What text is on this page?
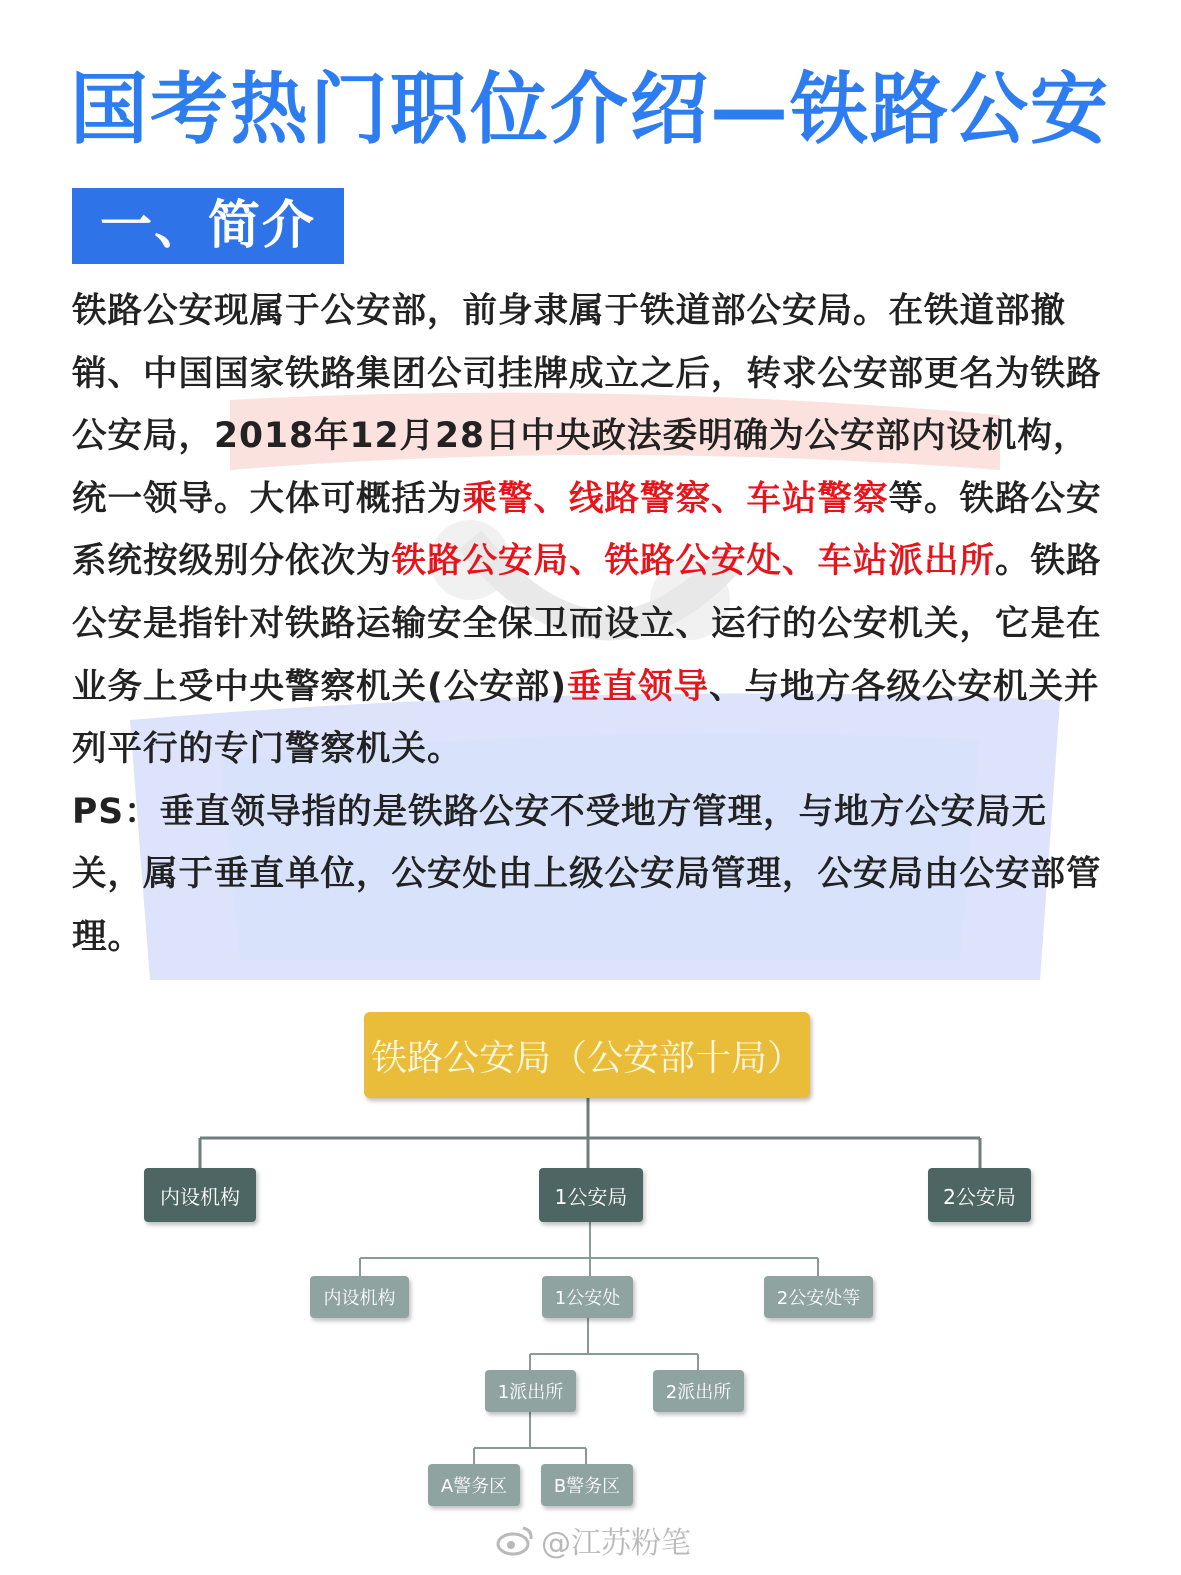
国考热门职位介绍—铁路公安
一、简介

铁路公安现属于公安部，前身隶属于铁道部公安局。在铁道部撤销、中国国家铁路集团公司挂牌成立之后，转求公安部更名为铁路公安局，2018年12月28日中央政法委明确为公安部内设机构，统一领导。大体可概括为乘警、线路警察、车站警察等。铁路公安系统按级别分依次为铁路公安局、铁路公安处、车站派出所。铁路公安是指针对铁路运输安全保卫而设立、运行的公安机关，它是在业务上受中央警察机关(公安部)垂直领导、与地方各级公安机关并列平行的专门警察机关。

PS：垂直领导指的是铁路公安不受地方管理，与地方公安局无关，属于垂直单位，公安处由上级公安局管理，公安局由公安部管理。

铁路公安局（公安部十局）
内设机构	1公安局	2公安局
内设机构	1公安处	2公安处等
1派出所	2派出所
A警务区	B警务区
@江苏粉笔
